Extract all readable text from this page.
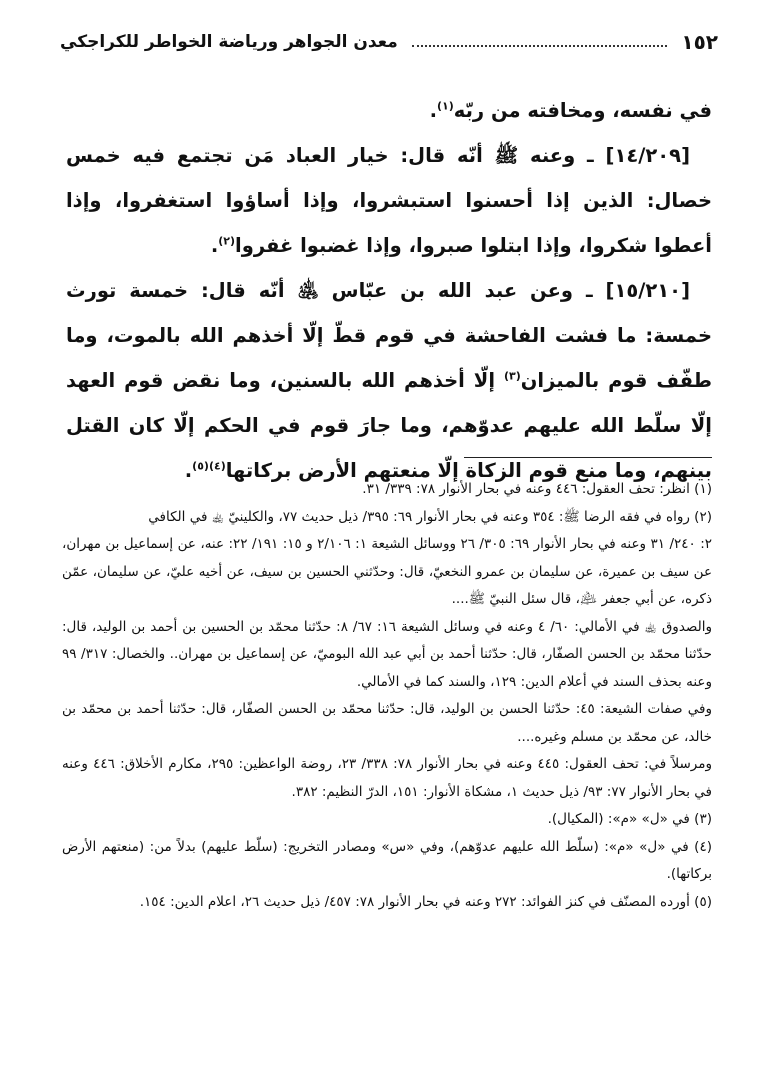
١٥٢
معدن الجواهر ورياضة الخواطر للكراجكي

في نفسه، ومخافته من ربّه$^{(١)}$.

[١٤/٢٠٩] ـ وعنه ﷺ أنّه قال: خيار العباد مَن تجتمع فيه خمس خصال: الذين إذا أحسنوا استبشروا، وإذا أساؤوا استغفروا، وإذا أعطوا شكروا، وإذا ابتلوا صبروا، وإذا غضبوا غفروا$^{(٢)}$.

[١٥/٢١٠] ـ وعن عبد الله بن عبّاس ﵁ أنّه قال: خمسة تورث خمسة: ما فشت الفاحشة في قوم قطّ إلّا أخذهم الله بالموت، وما طفّف قوم بالميزان$^{(٣)}$ إلّا أخذهم الله بالسنين، وما نقض قوم العهد إلّا سلّط الله عليهم عدوّهم، وما جارَ قوم في الحكم إلّا كان القتل بينهم، وما منع قوم الزكاة إلّا منعتهم الأرض بركاتها$^{(٤)(٥)}$.

(١) انظر: تحف العقول: ٤٤٦ وعنه في بحار الأنوار ٧٨: ٣٣٩/ ٣١.

(٢) رواه في فقه الرضا ﷺ: ٣٥٤ وعنه في بحار الأنوار ٦٩: ٣٩٥/ ذيل حديث ٧٧، والكلينيّ ﵀ في الكافي

٢: ٢٤٠/ ٣١ وعنه في بحار الأنوار ٦٩: ٣٠٥/ ٢٦ ووسائل الشيعة ١: ٢/١٠٦ و ١٥: ١٩١/ ٢٢: عنه، عن إسماعيل بن مهران، عن سيف بن عميرة، عن سليمان بن عمرو النخعيّ، قال: وحدّثني الحسين بن سيف، عن أخيه عليّ، عن سليمان، عمّن ذكره، عن أبي جعفر ﵇، قال سئل النبيّ ﷺ....

والصدوق ﵀ في الأمالي: ٦٠/ ٤ وعنه في وسائل الشيعة ١٦: ٦٧/ ٨: حدّثنا محمّد بن الحسين بن أحمد بن الوليد، قال: حدّثنا محمّد بن الحسن الصفّار، قال: حدّثنا أحمد بن أبي عبد الله البوميّ، عن إسماعيل بن مهران.. والخصال: ٣١٧/ ٩٩ وعنه بحذف السند في أعلام الدين: ١٢٩، والسند كما في الأمالي.

وفي صفات الشيعة: ٤٥: حدّثنا الحسن بن الوليد، قال: حدّثنا محمّد بن الحسن الصفّار، قال: حدّثنا أحمد بن محمّد بن خالد، عن محمّد بن مسلم وغيره....

ومرسلاً في: تحف العقول: ٤٤٥ وعنه في بحار الأنوار ٧٨: ٣٣٨/ ٢٣، روضة الواعظين: ٢٩٥، مكارم الأخلاق: ٤٤٦ وعنه في بحار الأنوار ٧٧: ٩٣/ ذيل حديث ١، مشكاة الأنوار: ١٥١، الدرّ النظيم: ٣٨٢.

(٣) في «ل» «م»: (المكيال).

(٤) في «ل» «م»: (سلّط الله عليهم عدوّهم)، وفي «س» ومصادر التخريج: (سلّط عليهم) بدلاً من: (منعتهم الأرض بركاتها).

(٥) أورده المصنّف في كنز الفوائد: ٢٧٢ وعنه في بحار الأنوار ٧٨: ٤٥٧/ ذيل حديث ٢٦، اعلام الدين: ١٥٤.
